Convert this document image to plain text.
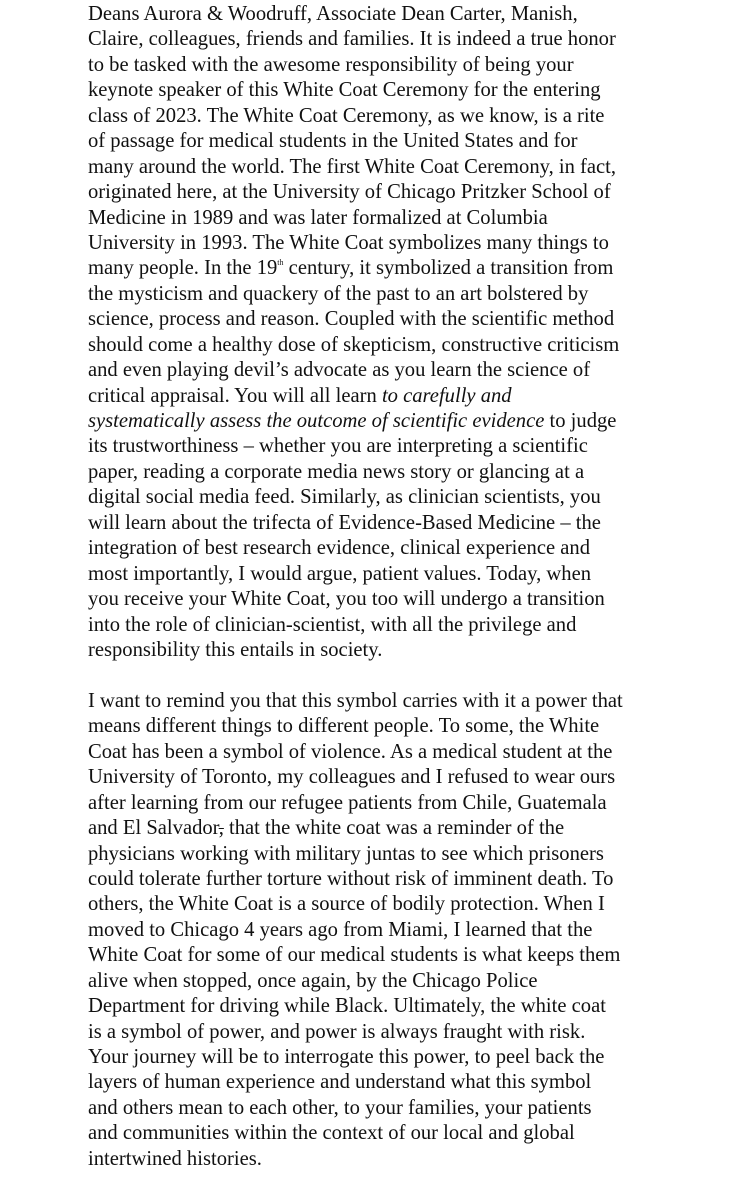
Deans Aurora & Woodruff, Associate Dean Carter, Manish,
Claire, colleagues, friends and families. It is indeed a true honor
to be tasked with the awesome responsibility of being your
keynote speaker of this White Coat Ceremony for the entering
class of 2023. The White Coat Ceremony, as we know, is a rite
of passage for medical students in the United States and for
many around the world. The first White Coat Ceremony, in fact,
originated here, at the University of Chicago Pritzker School of
Medicine in 1989 and was later formalized at Columbia
University in 1993. The White Coat symbolizes many things to
many people. In the 19th century, it symbolized a transition from
the mysticism and quackery of the past to an art bolstered by
science, process and reason. Coupled with the scientific method
should come a healthy dose of skepticism, constructive criticism
and even playing devil’s advocate as you learn the science of
critical appraisal. You will all learn to carefully and
systematically assess the outcome of scientific evidence to judge
its trustworthiness – whether you are interpreting a scientific
paper, reading a corporate media news story or glancing at a
digital social media feed. Similarly, as clinician scientists, you
will learn about the trifecta of Evidence-Based Medicine – the
integration of best research evidence, clinical experience and
most importantly, I would argue, patient values. Today, when
you receive your White Coat, you too will undergo a transition
into the role of clinician-scientist, with all the privilege and
responsibility this entails in society.
I want to remind you that this symbol carries with it a power that
means different things to different people. To some, the White
Coat has been a symbol of violence. As a medical student at the
University of Toronto, my colleagues and I refused to wear ours
after learning from our refugee patients from Chile, Guatemala
and El Salvador, that the white coat was a reminder of the
physicians working with military juntas to see which prisoners
could tolerate further torture without risk of imminent death. To
others, the White Coat is a source of bodily protection. When I
moved to Chicago 4 years ago from Miami, I learned that the
White Coat for some of our medical students is what keeps them
alive when stopped, once again, by the Chicago Police
Department for driving while Black. Ultimately, the white coat
is a symbol of power, and power is always fraught with risk.
Your journey will be to interrogate this power, to peel back the
layers of human experience and understand what this symbol
and others mean to each other, to your families, your patients
and communities within the context of our local and global
intertwined histories.
